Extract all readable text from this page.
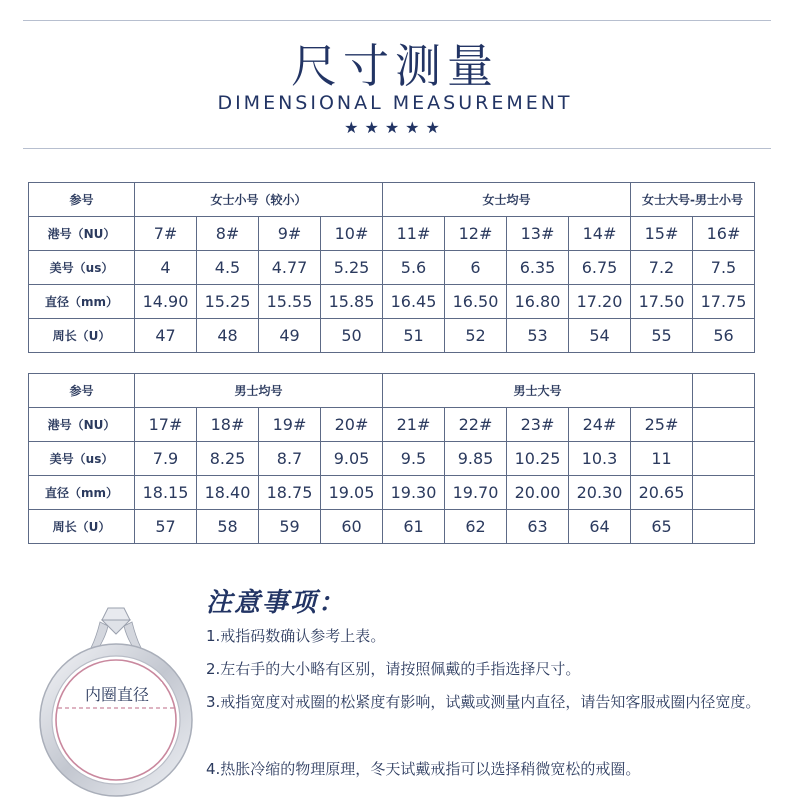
尺寸测量
DIMENSIONAL MEASUREMENT
★★★★★
参号	女士小号（较小）				女士均号				女士大号-男士小号	
港号（NU）	7#	8#	9#	10#	11#	12#	13#	14#	15#	16#
美号（us）	4	4.5	4.77	5.25	5.6	6	6.35	6.75	7.2	7.5
直径（mm）	14.90	15.25	15.55	15.85	16.45	16.50	16.80	17.20	17.50	17.75
周长（U）	47	48	49	50	51	52	53	54	55	56
参号	男士均号				男士大号					
港号（NU）	17#	18#	19#	20#	21#	22#	23#	24#	25#	
美号（us）	7.9	8.25	8.7	9.05	9.5	9.85	10.25	10.3	11	
直径（mm）	18.15	18.40	18.75	19.05	19.30	19.70	20.00	20.30	20.65	
周长（U）	57	58	59	60	61	62	63	64	65	
内圈直径
注意事项：
1.戒指码数确认参考上表。
2.左右手的大小略有区别，请按照佩戴的手指选择尺寸。
3.戒指宽度对戒圈的松紧度有影响，试戴或测量内直径，请告知客服戒圈内径宽度。
4.热胀冷缩的物理原理，冬天试戴戒指可以选择稍微宽松的戒圈。
